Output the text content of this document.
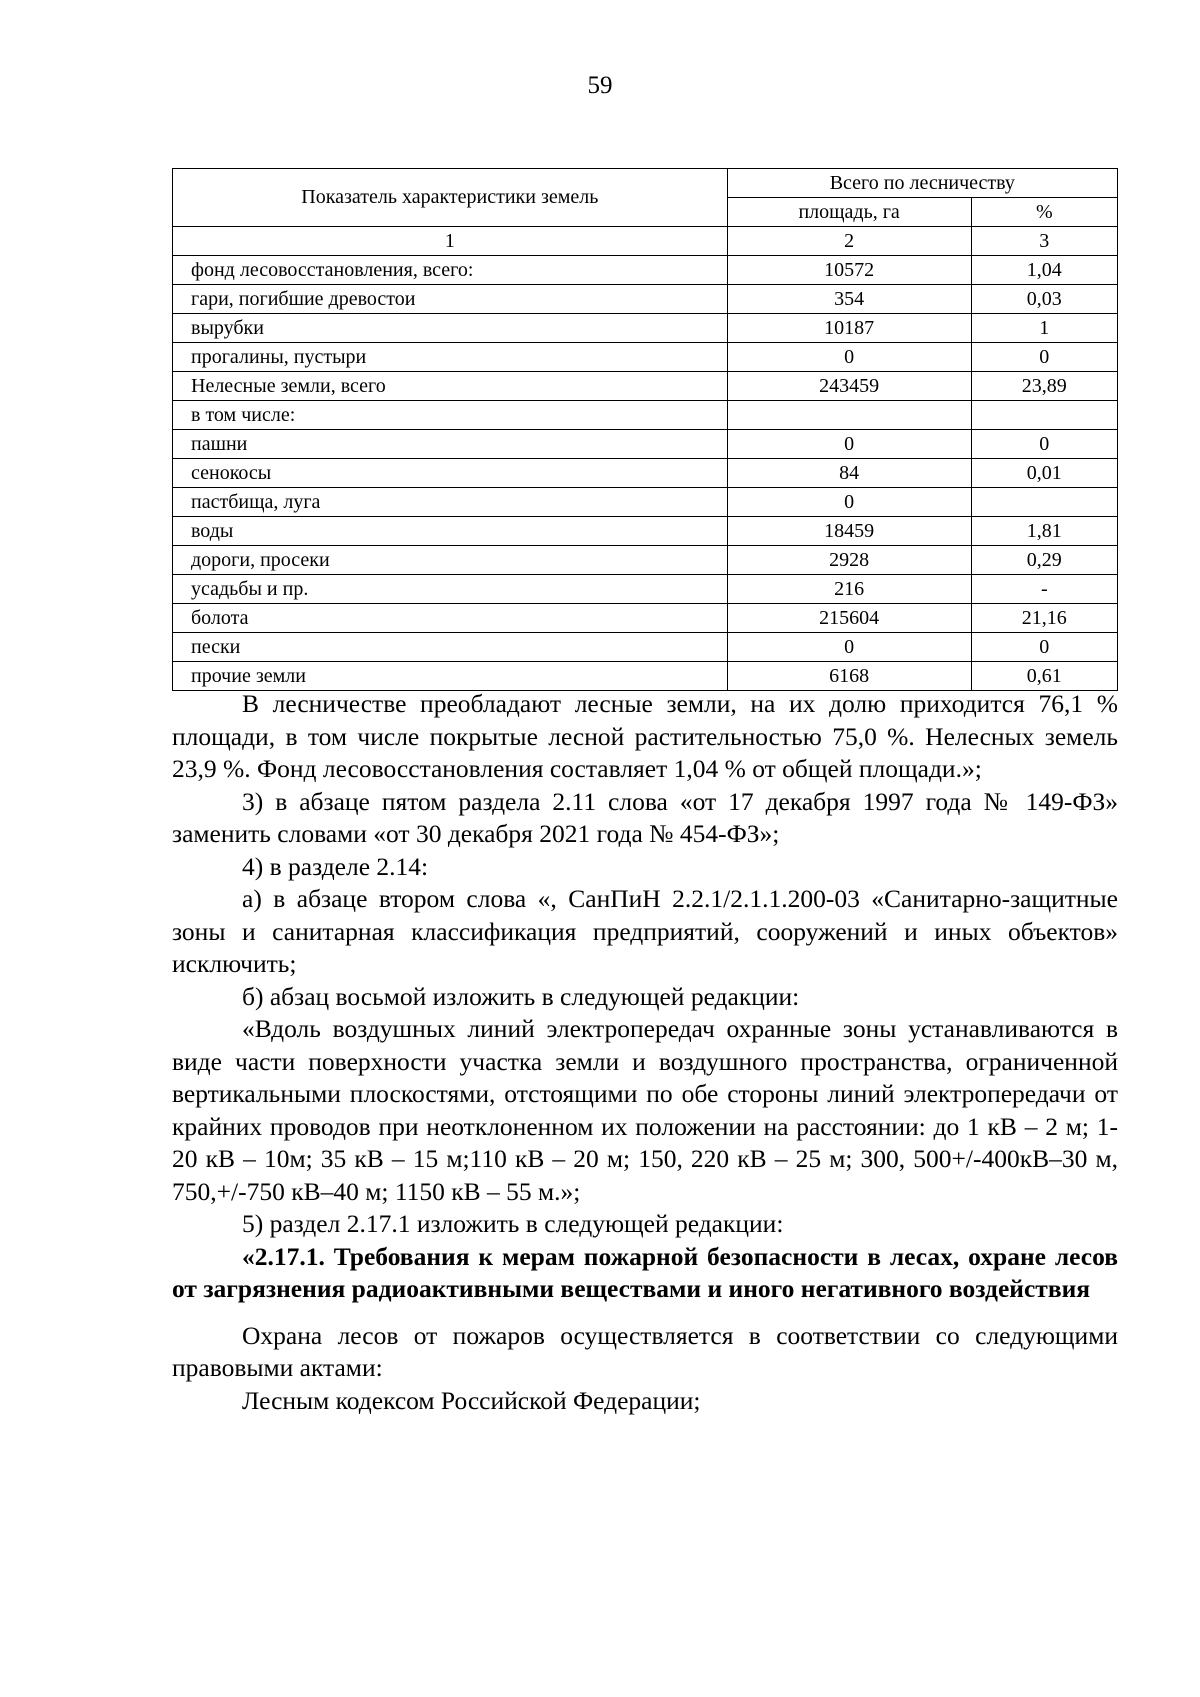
59
Показатель характеристики земель	Всего по лесничеству	
	площадь, га	%
1	2	3
фонд лесовосстановления, всего:	10572	1,04
гари, погибшие древостои	354	0,03
вырубки	10187	1
прогалины, пустыри	0	0
Нелесные земли, всего	243459	23,89
в том числе:		
пашни	0	0
сенокосы	84	0,01
пастбища, луга	0	
воды	18459	1,81
дороги, просеки	2928	0,29
усадьбы и пр.	216	-
болота	215604	21,16
пески	0	0
прочие земли	6168	0,61

В лесничестве преобладают лесные земли, на их долю приходится 76,1 % площади, в том числе покрытые лесной растительностью 75,0 %. Нелесных земель 23,9 %. Фонд лесовосстановления составляет 1,04 % от общей площади.»;

3) в абзаце пятом раздела 2.11 слова «от 17 декабря 1997 года № 149-ФЗ» заменить словами «от 30 декабря 2021 года № 454-ФЗ»;

4) в разделе 2.14:

а) в абзаце втором слова «, СанПиН 2.2.1/2.1.1.200-03 «Санитарно-защитные зоны и санитарная классификация предприятий, сооружений и иных объектов» исключить;

б) абзац восьмой изложить в следующей редакции:

«Вдоль воздушных линий электропередач охранные зоны устанавливаются в виде части поверхности участка земли и воздушного пространства, ограниченной вертикальными плоскостями, отстоящими по обе стороны линий электропередачи от крайних проводов при неотклоненном их положении на расстоянии: до 1 кВ – 2 м; 1-20 кВ – 10м; 35 кВ – 15 м;110 кВ – 20 м; 150, 220 кВ – 25 м; 300, 500+/-400кВ–30 м, 750,+/-750 кВ–40 м; 1150 кВ – 55 м.»;

5) раздел 2.17.1 изложить в следующей редакции:

«2.17.1. Требования к мерам пожарной безопасности в лесах, охране лесов от загрязнения радиоактивными веществами и иного негативного воздействия

Охрана лесов от пожаров осуществляется в соответствии со следующими правовыми актами:

Лесным кодексом Российской Федерации;
